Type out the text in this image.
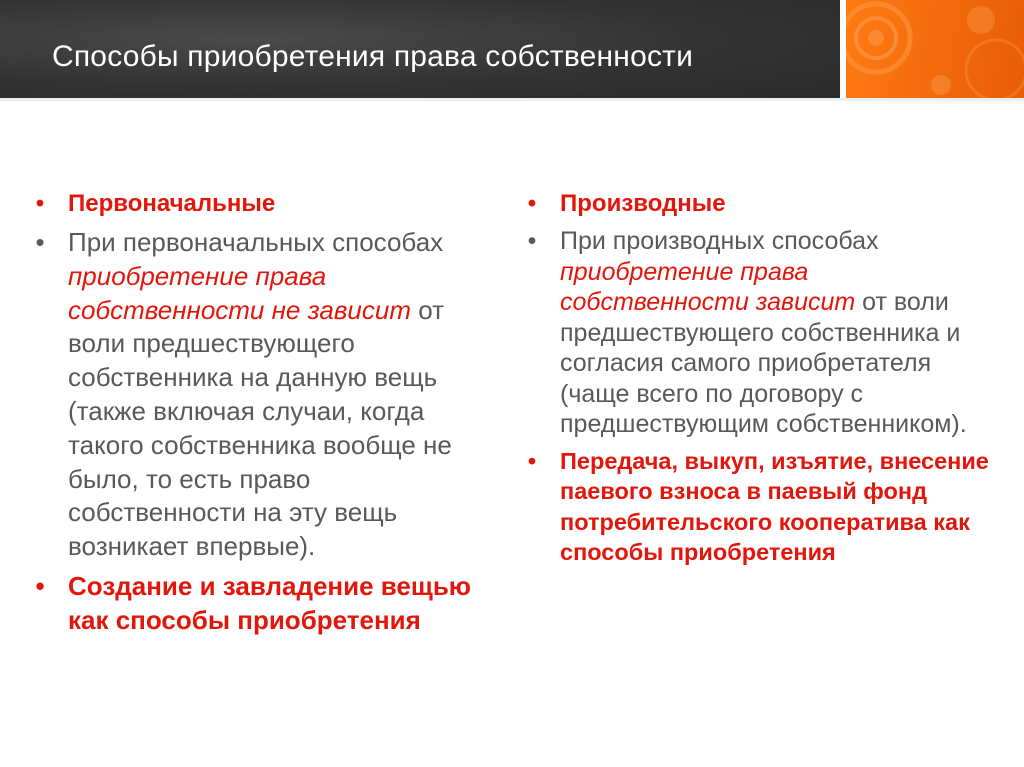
Способы приобретения права собственности
• Первоначальные
• При первоначальных способах приобретение права собственности не зависит от воли предшествующего собственника на данную вещь (также включая случаи, когда такого собственника вообще не было, то есть право собственности на эту вещь возникает впервые).
• Создание и завладение вещью как способы приобретения
• Производные
• При производных способах приобретение права собственности зависит от воли предшествующего собственника и согласия самого приобретателя (чаще всего по договору с предшествующим собственником).
• Передача, выкуп, изъятие, внесение паевого взноса в паевый фонд потребительского кооператива как способы приобретения
